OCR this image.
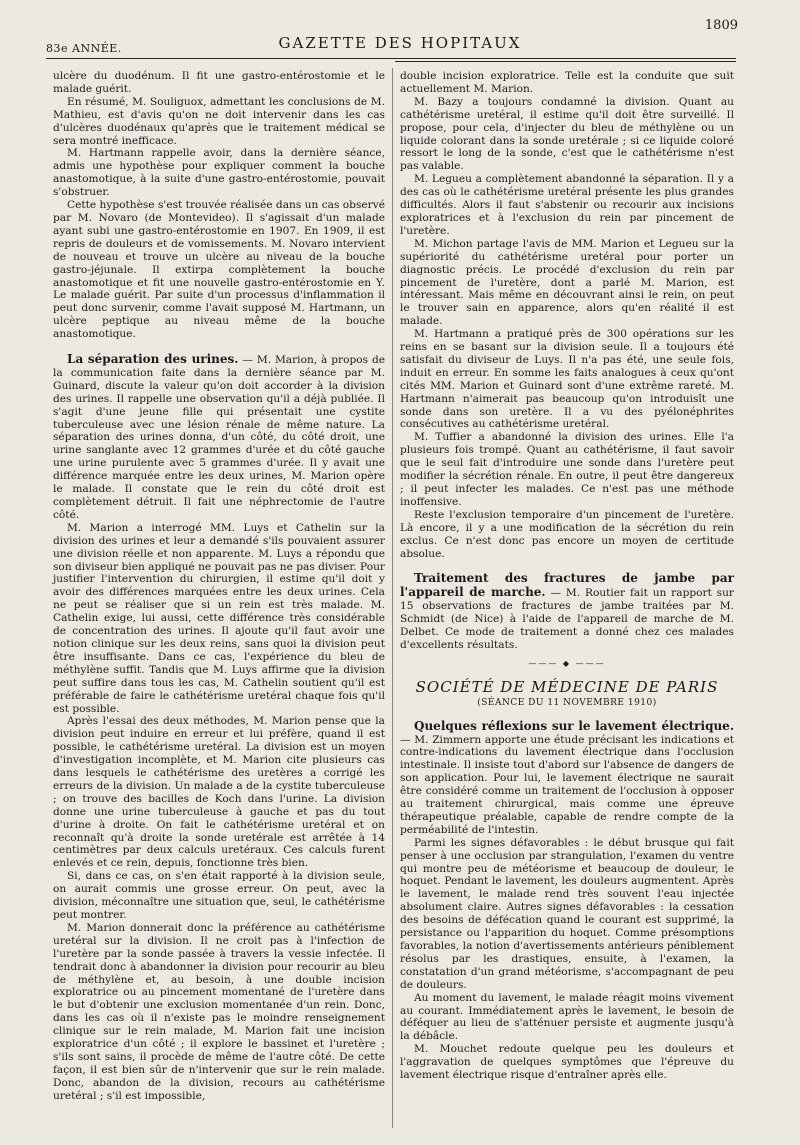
1809
83e ANNÉE.	GAZETTE DES HOPITAUX

ulcère du duodénum. Il fit une gastro-entérostomie et le malade guérit.

En résumé, M. Souliguox, admettant les conclusions de M. Mathieu, est d'avis qu'on ne doit intervenir dans les cas d'ulcères duodénaux qu'après que le traitement médical se sera montré inefficace.

M. Hartmann rappelle avoir, dans la dernière séance, admis une hypothèse pour expliquer comment la bouche anastomotique, à la suite d'une gastro-entérostomie, pouvait s'obstruer.

Cette hypothèse s'est trouvée réalisée dans un cas observé par M. Novaro (de Montevideo). Il s'agissait d'un malade ayant subi une gastro-entérostomie en 1907. En 1909, il est repris de douleurs et de vomissements. M. Novaro intervient de nouveau et trouve un ulcère au niveau de la bouche gastro-jéjunale. Il extirpa complètement la bouche anastomotique et fit une nouvelle gastro-entérostomie en Y. Le malade guérit. Par suite d'un processus d'inflammation il peut donc survenir, comme l'avait supposé M. Hartmann, un ulcère peptique au niveau même de la bouche anastomotique.

La séparation des urines. — M. Marion, à propos de la communication faite dans la dernière séance par M. Guinard, discute la valeur qu'on doit accorder à la division des urines. Il rappelle une observation qu'il a déjà publiée. Il s'agit d'une jeune fille qui présentait une cystite tuberculeuse avec une lésion rénale de même nature. La séparation des urines donna, d'un côté, du côté droit, une urine sanglante avec 12 grammes d'urée et du côté gauche une urine purulente avec 5 grammes d'urée. Il y avait une différence marquée entre les deux urines, M. Marion opère le malade. Il constate que le rein du côté droit est complètement détruit. Il fait une néphrectomie de l'autre côté.

M. Marion a interrogé MM. Luys et Cathelin sur la division des urines et leur a demandé s'ils pouvaient assurer une division réelle et non apparente. M. Luys a répondu que son diviseur bien appliqué ne pouvait pas ne pas diviser. Pour justifier l'intervention du chirurgien, il estime qu'il doit y avoir des différences marquées entre les deux urines. Cela ne peut se réaliser que si un rein est très malade. M. Cathelin exige, lui aussi, cette différence très considérable de concentration des urines. Il ajoute qu'il faut avoir une notion clinique sur les deux reins, sans quoi la division peut être insuffisante. Dans ce cas, l'expérience du bleu de méthylène suffit. Tandis que M. Luys affirme que la division peut suffire dans tous les cas, M. Cathelin soutient qu'il est préférable de faire le cathétérisme uretéral chaque fois qu'il est possible.

Après l'essai des deux méthodes, M. Marion pense que la division peut induire en erreur et lui préfère, quand il est possible, le cathétérisme uretéral. La division est un moyen d'investigation incomplète, et M. Marion cite plusieurs cas dans lesquels le cathétérisme des uretères a corrigé les erreurs de la division. Un malade a de la cystite tuberculeuse ; on trouve des bacilles de Koch dans l'urine. La division donne une urine tuberculeuse à gauche et pas du tout d'urine à droite. On fait le cathétérisme uretéral et on reconnaît qu'à droite la sonde uretérale est arrêtée à 14 centimètres par deux calculs uretéraux. Ces calculs furent enlevés et ce rein, depuis, fonctionne très bien.

Si, dans ce cas, on s'en était rapporté à la division seule, on aurait commis une grosse erreur. On peut, avec la division, méconnaître une situation que, seul, le cathétérisme peut montrer.

M. Marion donnerait donc la préférence au cathétérisme uretéral sur la division. Il ne croit pas à l'infection de l'uretère par la sonde passée à travers la vessie infectée. Il tendrait donc à abandonner la division pour recourir au bleu de méthylène et, au besoin, à une double incision exploratrice ou au pincement momentané de l'uretère dans le but d'obtenir une exclusion momentanée d'un rein. Donc, dans les cas où il n'existe pas le moindre renseignement clinique sur le rein malade, M. Marion fait une incision exploratrice d'un côté ; il explore le bassinet et l'uretère ; s'ils sont sains, il procède de même de l'autre côté. De cette façon, il est bien sûr de n'intervenir que sur le rein malade. Donc, abandon de la division, recours au cathétérisme uretéral ; s'il est impossible,

double incision exploratrice. Telle est la conduite que suit actuellement M. Marion.

M. Bazy a toujours condamné la division. Quant au cathétérisme uretéral, il estime qu'il doit être surveillé. Il propose, pour cela, d'injecter du bleu de méthylène ou un liquide colorant dans la sonde uretérale ; si ce liquide coloré ressort le long de la sonde, c'est que le cathétérisme n'est pas valable.

M. Legueu a complètement abandonné la séparation. Il y a des cas où le cathétérisme uretéral présente les plus grandes difficultés. Alors il faut s'abstenir ou recourir aux incisions exploratrices et à l'exclusion du rein par pincement de l'uretère.

M. Michon partage l'avis de MM. Marion et Legueu sur la supériorité du cathétérisme uretéral pour porter un diagnostic précis. Le procédé d'exclusion du rein par pincement de l'uretère, dont a parlé M. Marion, est intéressant. Mais même en découvrant ainsi le rein, on peut le trouver sain en apparence, alors qu'en réalité il est malade.

M. Hartmann a pratiqué près de 300 opérations sur les reins en se basant sur la division seule. Il a toujours été satisfait du diviseur de Luys. Il n'a pas été, une seule fois, induit en erreur. En somme les faits analogues à ceux qu'ont cités MM. Marion et Guinard sont d'une extrême rareté. M. Hartmann n'aimerait pas beaucoup qu'on introduisît une sonde dans son uretère. Il a vu des pyélonéphrites consécutives au cathétérisme uretéral.

M. Tuffier a abandonné la division des urines. Elle l'a plusieurs fois trompé. Quant au cathétérisme, il faut savoir que le seul fait d'introduire une sonde dans l'uretère peut modifier la sécrétion rénale. En outre, il peut être dangereux ; il peut infecter les malades. Ce n'est pas une méthode inoffensive.

Reste l'exclusion temporaire d'un pincement de l'uretère. Là encore, il y a une modification de la sécrétion du rein exclus. Ce n'est donc pas encore un moyen de certitude absolue.

Traitement des fractures de jambe par l'appareil de marche. — M. Routier fait un rapport sur 15 observations de fractures de jambe traitées par M. Schmidt (de Nice) à l'aide de l'appareil de marche de M. Delbet. Ce mode de traitement a donné chez ces malades d'excellents résultats.

——— ◆ ———
SOCIÉTÉ DE MÉDECINE DE PARIS
(SÉANCE DU 11 NOVEMBRE 1910)

Quelques réflexions sur le lavement électrique. — M. Zimmern apporte une étude précisant les indications et contre-indications du lavement électrique dans l'occlusion intestinale. Il insiste tout d'abord sur l'absence de dangers de son application. Pour lui, le lavement électrique ne saurait être considéré comme un traitement de l'occlusion à opposer au traitement chirurgical, mais comme une épreuve thérapeutique préalable, capable de rendre compte de la perméabilité de l'intestin.

Parmi les signes défavorables : le début brusque qui fait penser à une occlusion par strangulation, l'examen du ventre qui montre peu de météorisme et beaucoup de douleur, le hoquet. Pendant le lavement, les douleurs augmentent. Après le lavement, le malade rend très souvent l'eau injectée absolument claire. Autres signes défavorables : la cessation des besoins de défécation quand le courant est supprimé, la persistance ou l'apparition du hoquet. Comme présomptions favorables, la notion d'avertissements antérieurs péniblement résolus par les drastiques, ensuite, à l'examen, la constatation d'un grand météorisme, s'accompagnant de peu de douleurs.

Au moment du lavement, le malade réagit moins vivement au courant. Immédiatement après le lavement, le besoin de déféquer au lieu de s'atténuer persiste et augmente jusqu'à la débâcle.

M. Mouchet redoute quelque peu les douleurs et l'aggravation de quelques symptômes que l'épreuve du lavement électrique risque d'entraîner après elle.
